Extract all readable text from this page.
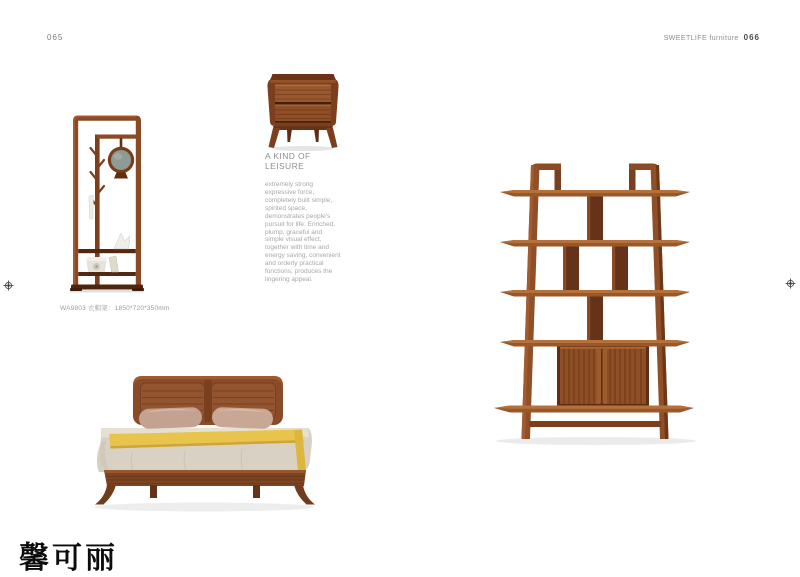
065	SWEETLIFE furniture 066
WA9803 衣帽架：1850*720*350mm
A KIND OF LEISURE

extremely strong expressive force, completely built simple, spirited space, demonstrates people's pursuit for life. Enriched, plump, graceful and simple visual effect, together with time and energy saving, convenient and orderly practical functions, produces the lingering appeal.

馨可丽
